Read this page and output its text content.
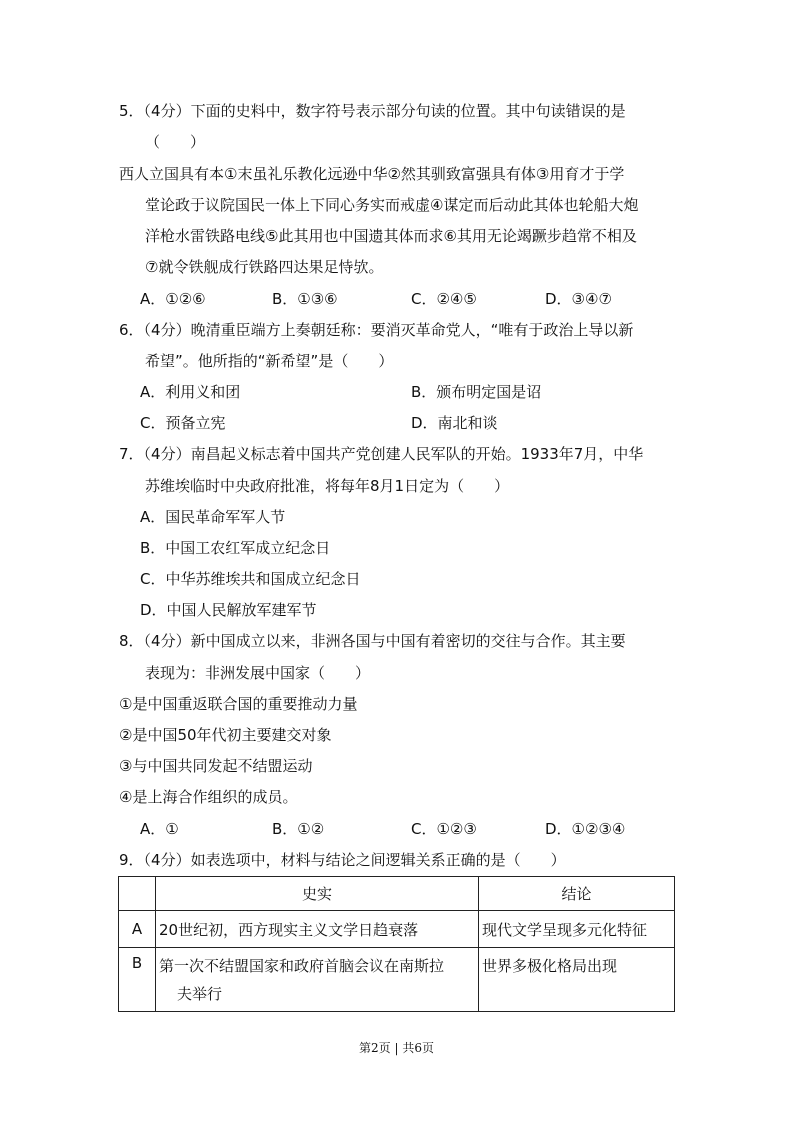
5．（4分）下面的史料中，数字符号表示部分句读的位置。其中句读错误的是
（　　）
西人立国具有本①末虽礼乐教化远逊中华②然其驯致富强具有体③用育才于学
堂论政于议院国民一体上下同心务实而戒虚④谋定而后动此其体也轮船大炮
洋枪水雷铁路电线⑤此其用也中国遗其体而求⑥其用无论竭蹶步趋常不相及
⑦就令铁舰成行铁路四达果足恃欤。
A．①②⑥	B．①③⑥	C．②④⑤	D．③④⑦
6．（4分）晚清重臣端方上奏朝廷称：要消灭革命党人，“唯有于政治上导以新
希望”。他所指的“新希望”是（　　）
A．利用义和团	B．颁布明定国是诏
C．预备立宪	D．南北和谈
7．（4分）南昌起义标志着中国共产党创建人民军队的开始。1933年7月，中华
苏维埃临时中央政府批准，将每年8月1日定为（　　）
A．国民革命军军人节
B．中国工农红军成立纪念日
C．中华苏维埃共和国成立纪念日
D．中国人民解放军建军节
8．（4分）新中国成立以来，非洲各国与中国有着密切的交往与合作。其主要
表现为：非洲发展中国家（　　）
①是中国重返联合国的重要推动力量
②是中国50年代初主要建交对象
③与中国共同发起不结盟运动
④是上海合作组织的成员。
A．①	B．①②	C．①②③	D．①②③④
9．（4分）如表选项中，材料与结论之间逻辑关系正确的是（　　）
	史实	结论
A	20世纪初，西方现实主义文学日趋衰落	现代文学呈现多元化特征
B	第一次不结盟国家和政府首脑会议在南斯拉
夫举行	世界多极化格局出现
第2页 | 共6页
